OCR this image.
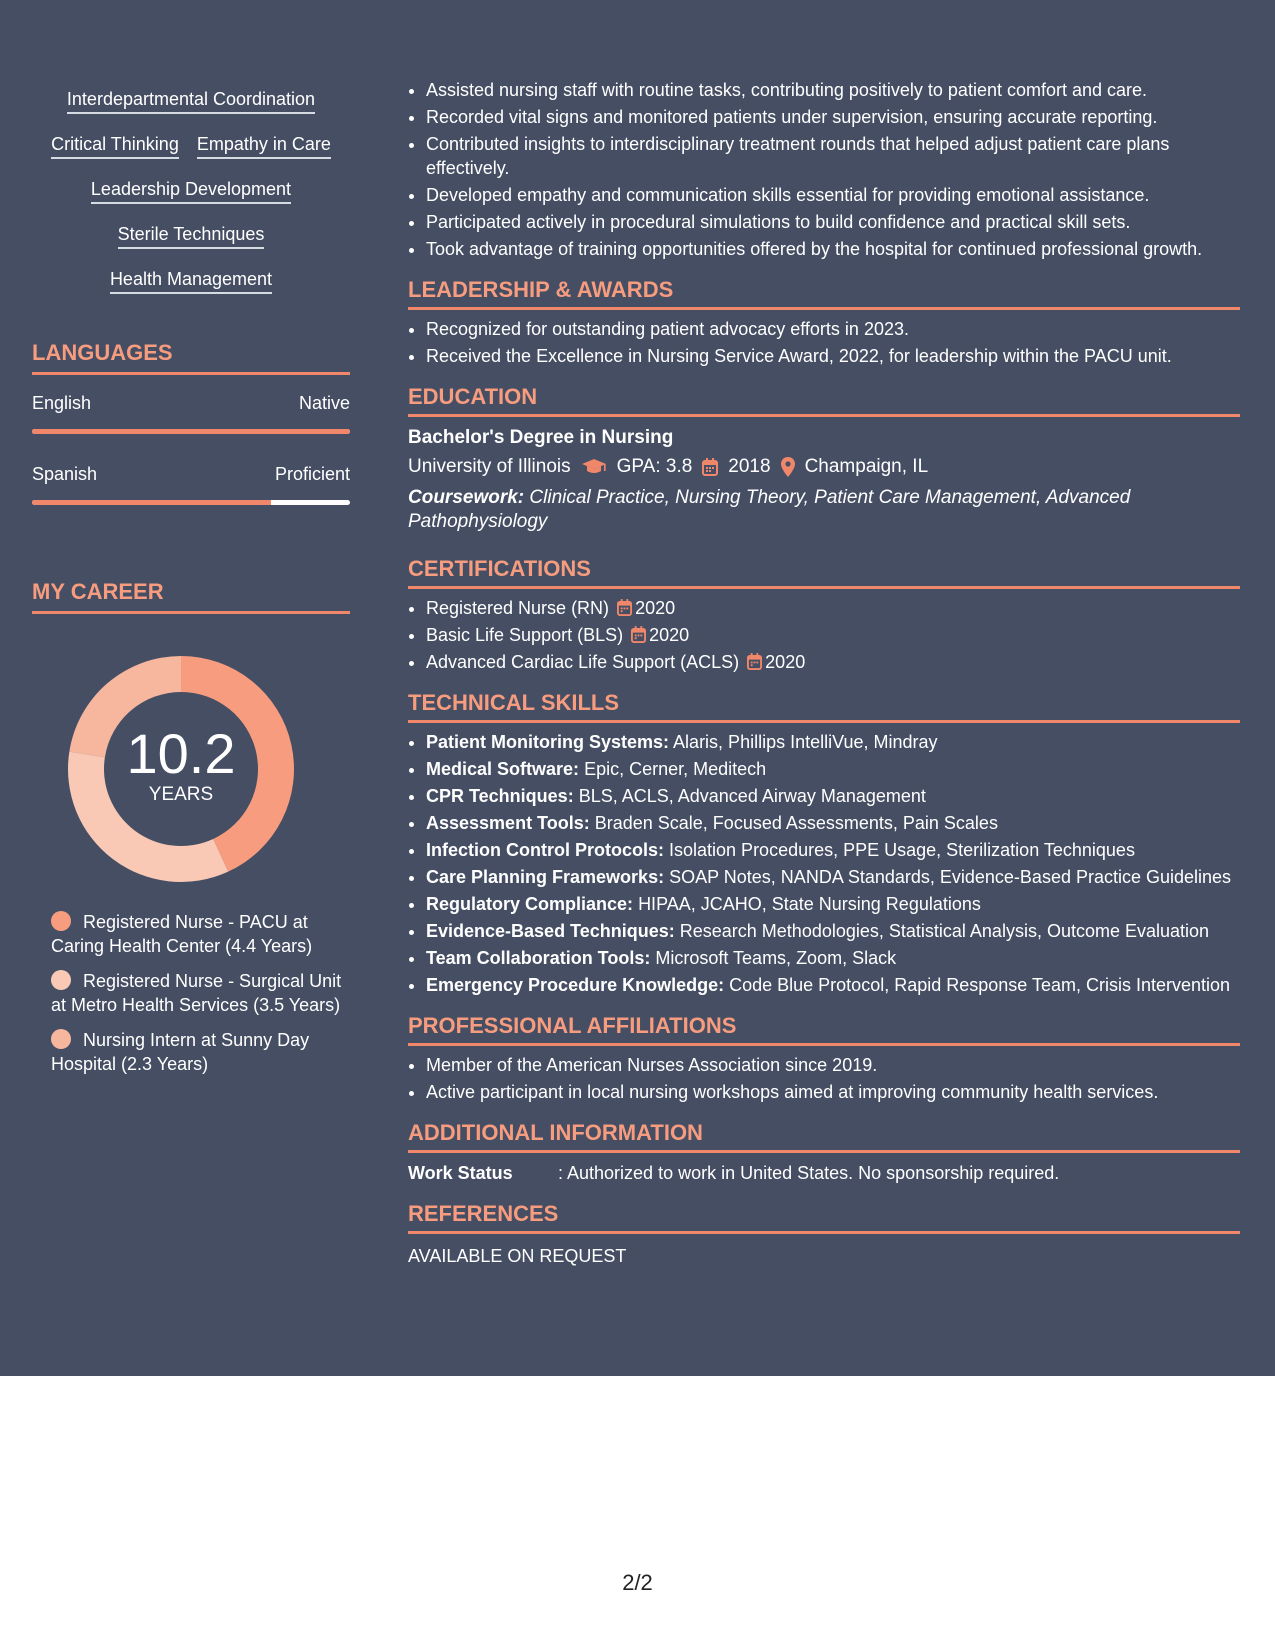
Interdepartmental Coordination
Critical Thinking Empathy in Care
Leadership Development
Sterile Techniques
Health Management
LANGUAGES
English	Native
Spanish	Proficient
MY CAREER
10.2
YEARS
Registered Nurse - PACU at Caring Health Center (4.4 Years)
Registered Nurse - Surgical Unit at Metro Health Services (3.5 Years)
Nursing Intern at Sunny Day Hospital (2.3 Years)
• Assisted nursing staff with routine tasks, contributing positively to patient comfort and care.
• Recorded vital signs and monitored patients under supervision, ensuring accurate reporting.
• Contributed insights to interdisciplinary treatment rounds that helped adjust patient care plans effectively.
• Developed empathy and communication skills essential for providing emotional assistance.
• Participated actively in procedural simulations to build confidence and practical skill sets.
• Took advantage of training opportunities offered by the hospital for continued professional growth.
LEADERSHIP & AWARDS
• Recognized for outstanding patient advocacy efforts in 2023.
• Received the Excellence in Nursing Service Award, 2022, for leadership within the PACU unit.
EDUCATION
Bachelor's Degree in Nursing
University of Illinois GPA: 3.8 2018 Champaign, IL
Coursework: Clinical Practice, Nursing Theory, Patient Care Management, Advanced Pathophysiology
CERTIFICATIONS
• Registered Nurse (RN) 2020
• Basic Life Support (BLS) 2020
• Advanced Cardiac Life Support (ACLS) 2020
TECHNICAL SKILLS
• Patient Monitoring Systems: Alaris, Phillips IntelliVue, Mindray
• Medical Software: Epic, Cerner, Meditech
• CPR Techniques: BLS, ACLS, Advanced Airway Management
• Assessment Tools: Braden Scale, Focused Assessments, Pain Scales
• Infection Control Protocols: Isolation Procedures, PPE Usage, Sterilization Techniques
• Care Planning Frameworks: SOAP Notes, NANDA Standards, Evidence-Based Practice Guidelines
• Regulatory Compliance: HIPAA, JCAHO, State Nursing Regulations
• Evidence-Based Techniques: Research Methodologies, Statistical Analysis, Outcome Evaluation
• Team Collaboration Tools: Microsoft Teams, Zoom, Slack
• Emergency Procedure Knowledge: Code Blue Protocol, Rapid Response Team, Crisis Intervention
PROFESSIONAL AFFILIATIONS
• Member of the American Nurses Association since 2019.
• Active participant in local nursing workshops aimed at improving community health services.
ADDITIONAL INFORMATION
Work Status	: Authorized to work in United States. No sponsorship required.
REFERENCES
AVAILABLE ON REQUEST
2/2
